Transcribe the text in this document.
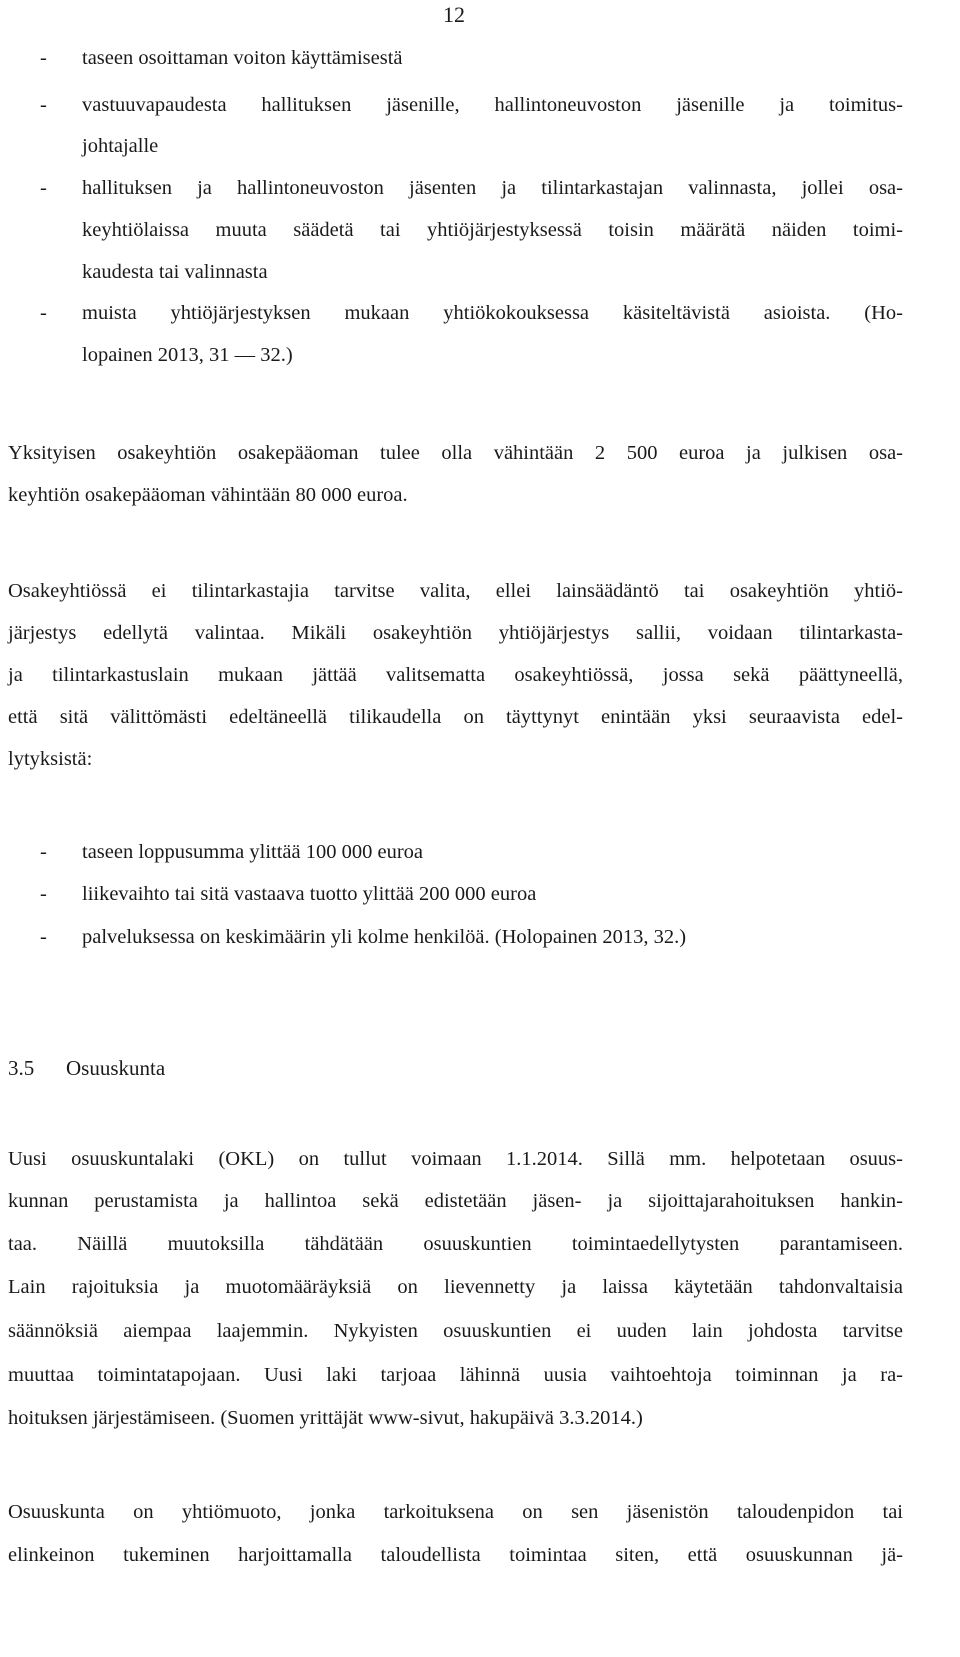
12
- taseen osoittaman voiton käyttämisestä
- vastuuvapaudesta hallituksen jäsenille, hallintoneuvoston jäsenille ja toimitus-
johtajalle
- hallituksen ja hallintoneuvoston jäsenten ja tilintarkastajan valinnasta, jollei osa-
keyhtiölaissa muuta säädetä tai yhtiöjärjestyksessä toisin määrätä näiden toimi-
kaudesta tai valinnasta
- muista yhtiöjärjestyksen mukaan yhtiökokouksessa käsiteltävistä asioista. (Ho-
lopainen 2013, 31 — 32.)
Yksityisen osakeyhtiön osakepääoman tulee olla vähintään 2 500 euroa ja julkisen osa-
keyhtiön osakepääoman vähintään 80 000 euroa.
Osakeyhtiössä ei tilintarkastajia tarvitse valita, ellei lainsäädäntö tai osakeyhtiön yhtiö-
järjestys edellytä valintaa. Mikäli osakeyhtiön yhtiöjärjestys sallii, voidaan tilintarkasta-
ja tilintarkastuslain mukaan jättää valitsematta osakeyhtiössä, jossa sekä päättyneellä,
että sitä välittömästi edeltäneellä tilikaudella on täyttynyt enintään yksi seuraavista edel-
lytyksistä:
- taseen loppusumma ylittää 100 000 euroa
- liikevaihto tai sitä vastaava tuotto ylittää 200 000 euroa
- palveluksessa on keskimäärin yli kolme henkilöä. (Holopainen 2013, 32.)
3.5 Osuuskunta
Uusi osuuskuntalaki (OKL) on tullut voimaan 1.1.2014. Sillä mm. helpotetaan osuus-
kunnan perustamista ja hallintoa sekä edistetään jäsen- ja sijoittajarahoituksen hankin-
taa. Näillä muutoksilla tähdätään osuuskuntien toimintaedellytysten parantamiseen.
Lain rajoituksia ja muotomääräyksiä on lievennetty ja laissa käytetään tahdonvaltaisia
säännöksiä aiempaa laajemmin. Nykyisten osuuskuntien ei uuden lain johdosta tarvitse
muuttaa toimintatapojaan. Uusi laki tarjoaa lähinnä uusia vaihtoehtoja toiminnan ja ra-
hoituksen järjestämiseen. (Suomen yrittäjät www-sivut, hakupäivä 3.3.2014.)
Osuuskunta on yhtiömuoto, jonka tarkoituksena on sen jäsenistön taloudenpidon tai
elinkeinon tukeminen harjoittamalla taloudellista toimintaa siten, että osuuskunnan jä-
